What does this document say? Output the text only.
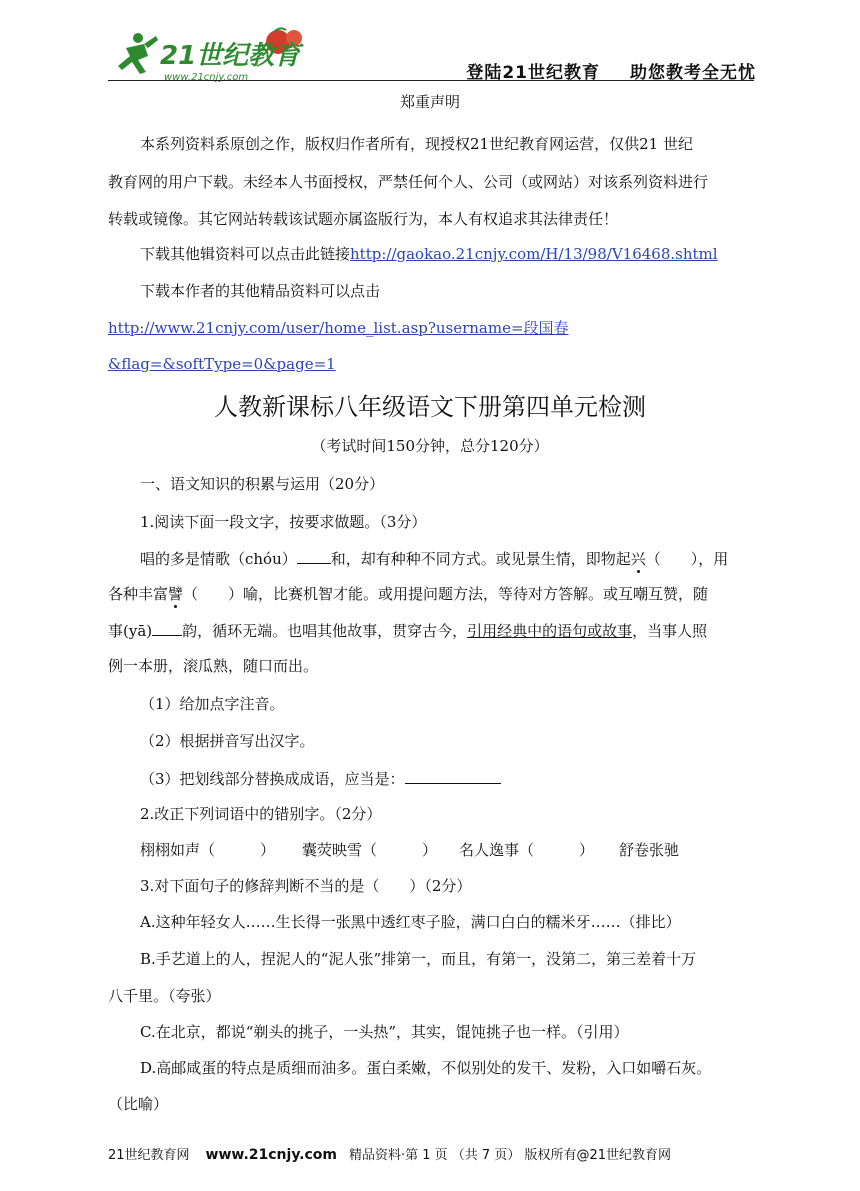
21世纪教育
www.21cnjy.com	登陆21世纪教育 助您教考全无忧
郑重声明
本系列资料系原创之作，版权归作者所有，现授权21世纪教育网运营，仅供21 世纪
教育网的用户下载。未经本人书面授权，严禁任何个人、公司（或网站）对该系列资料进行
转载或镜像。其它网站转载该试题亦属盗版行为，本人有权追求其法律责任！
下载其他辑资料可以点击此链接http://gaokao.21cnjy.com/H/13/98/V16468.shtml
下载本作者的其他精品资料可以点击
http://www.21cnjy.com/user/home_list.asp?username=段国春
&flag=&softType=0&page=1
人教新课标八年级语文下册第四单元检测
（考试时间150分钟，总分120分）
一、语文知识的积累与运用（20分）
1.阅读下面一段文字，按要求做题。（3分）
唱的多是情歌（chóu） 和，却有种种不同方式。或见景生情，即物起兴（　　），用
各种丰富譬（　　）喻，比赛机智才能。或用提问题方法，等待对方答解。或互嘲互赞，随
事(yā) 韵，循环无端。也唱其他故事，贯穿古今，引用经典中的语句或故事，当事人照
例一本册，滚瓜熟，随口而出。
（1）给加点字注音。
（2）根据拼音写出汉字。
（3）把划线部分替换成成语，应当是：
2.改正下列词语中的错别字。（2分）
栩栩如声（　　　） 囊荧映雪（　　　） 名人逸事（　　　） 舒卷张驰
3.对下面句子的修辞判断不当的是（　　）（2分）
A.这种年轻女人……生长得一张黑中透红枣子脸，满口白白的糯米牙……（排比）
B.手艺道上的人，捏泥人的“泥人张”排第一，而且，有第一，没第二，第三差着十万
八千里。（夸张）
C.在北京，都说“剃头的挑子，一头热”，其实，馄饨挑子也一样。（引用）
D.高邮咸蛋的特点是质细而油多。蛋白柔嫩，不似别处的发干、发粉，入口如嚼石灰。
（比喻）
21世纪教育网 www.21cnjy.com 精品资料·第 1 页 （共 7 页） 版权所有@21世纪教育网
